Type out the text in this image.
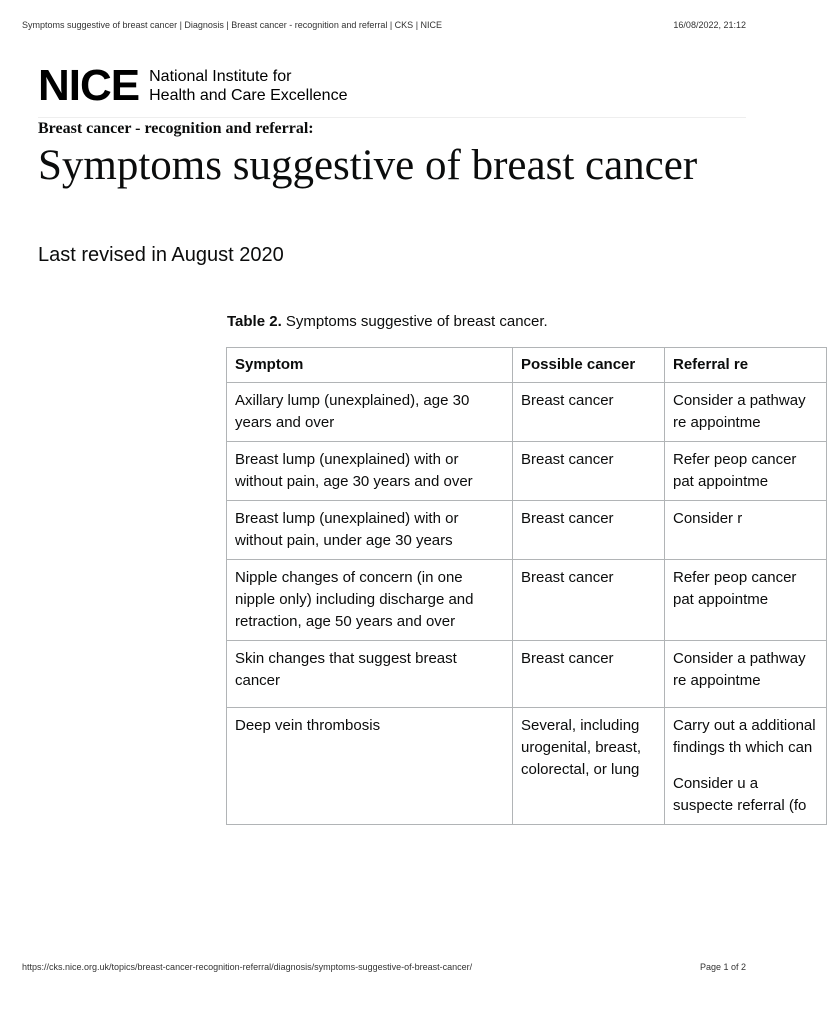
Symptoms suggestive of breast cancer | Diagnosis | Breast cancer - recognition and referral | CKS | NICE	16/08/2022, 21:12
NICE National Institute for
Health and Care Excellence
Breast cancer - recognition and referral:
Symptoms suggestive of breast cancer
Last revised in August 2020
Table 2. Symptoms suggestive of breast cancer.
Symptom	Possible cancer	Referral re
Axillary lump (unexplained), age 30 years and over	Breast cancer	Consider a pathway re appointme

Breast lump (unexplained) with or without pain, age 30 years and over	Breast cancer	Refer peop cancer pat appointme

Breast lump (unexplained) with or without pain, under age 30 years	Breast cancer	Consider r

Nipple changes of concern (in one nipple only) including discharge and retraction, age 50 years and over	Breast cancer	Refer peop cancer pat appointme

Skin changes that suggest breast cancer	Breast cancer	Consider a pathway re appointme

Deep vein thrombosis	Several, including urogenital, breast, colorectal, or lung	Carry out a additional findings th which can

Consider u a suspecte referral (fo

https://cks.nice.org.uk/topics/breast-cancer-recognition-referral/diagnosis/symptoms-suggestive-of-breast-cancer/	Page 1 of 2
